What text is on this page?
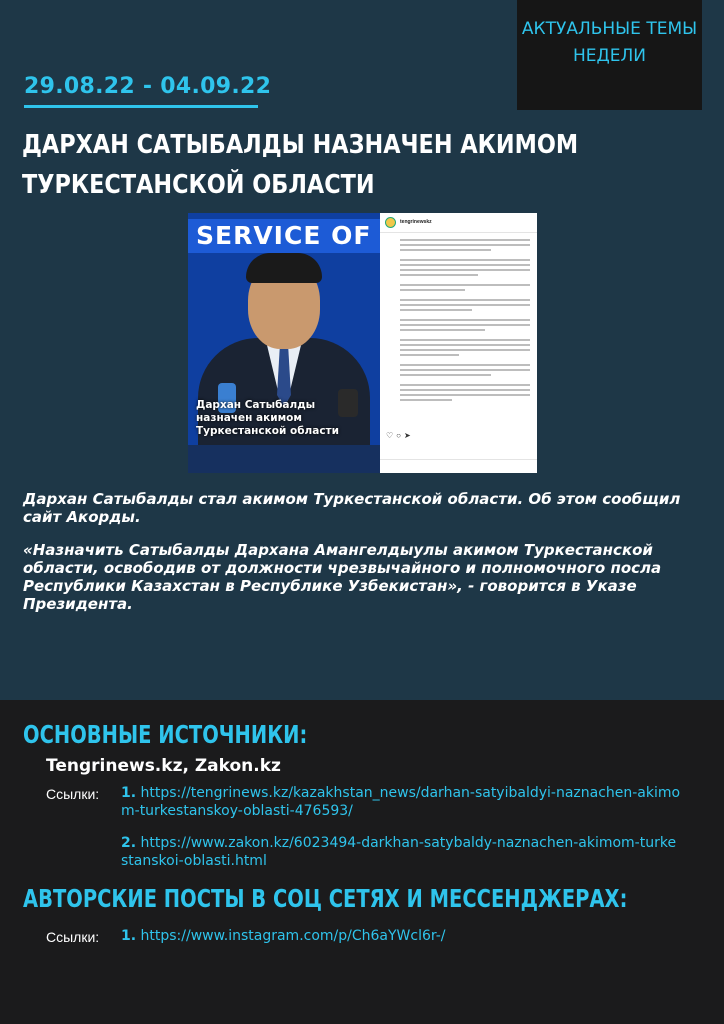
АКТУАЛЬНЫЕ ТЕМЫ
НЕДЕЛИ
29.08.22 - 04.09.22
ДАРХАН САТЫБАЛДЫ НАЗНАЧЕН АКИМОМ ТУРКЕСТАНСКОЙ ОБЛАСТИ
SERVICE OF
Дархан Сатыбалды назначен акимом Туркестанской области
tengrinewskz
♡○➤
Дархан Сатыбалды стал акимом Туркестанской области. Об этом сообщил сайт Акорды.
«Назначить Сатыбалды Дархана Амангелдыулы акимом Туркестанской области, освободив от должности чрезвычайного и полномочного посла Республики Казахстан в Республике Узбекистан», - говорится в Указе Президента.
ОСНОВНЫЕ ИСТОЧНИКИ:
Tengrinews.kz, Zakon.kz
Ссылки: 1. https://tengrinews.kz/kazakhstan_news/darhan-satyibaldyi-naznachen-akimom-turkestanskoy-oblasti-476593/
2. https://www.zakon.kz/6023494-darkhan-satybaldy-naznachen-akimom-turkestanskoi-oblasti.html
АВТОРСКИЕ ПОСТЫ В СОЦ СЕТЯХ И МЕССЕНДЖЕРАХ:
Ссылки: 1. https://www.instagram.com/p/Ch6aYWcl6r-/
